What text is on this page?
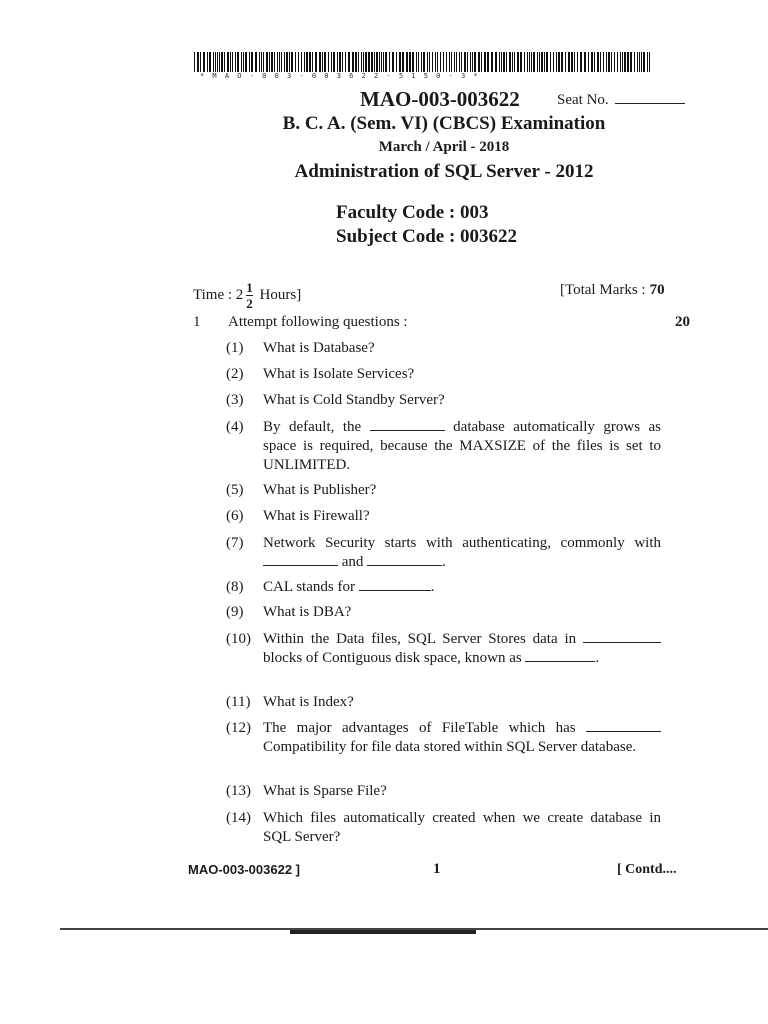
* M A O - 0 0 3 - 0 0 3 6 2 2 - 5 1 5 0 - 3 *
MAO-003-003622 Seat No.
B. C. A. (Sem. VI) (CBCS) Examination
March / April - 2018
Administration of SQL Server - 2012
Faculty Code : 003
Subject Code : 003622
Time : $2 \frac{1}{2}$ Hours]	[Total Marks : 70
1 Attempt following questions :	20
(1) What is Database?
(2) What is Isolate Services?
(3) What is Cold Standby Server?
(4) By default, the	database automatically grows as space is required, because the MAXSIZE of the files is set to UNLIMITED.
(5) What is Publisher?
(6) What is Firewall?
(7) Network Security starts with authenticating, commonly with  and	.
(8) CAL stands for	.
(9) What is DBA?
(10) Within the Data files, SQL Server Stores data in  blocks of Contiguous disk space, known as	.
(11) What is Index?
(12) The major advantages of FileTable which has  Compatibility for file data stored within SQL Server database.
(13) What is Sparse File?
(14) Which files automatically created when we create database in SQL Server?
MAO-003-003622 ]	1	[ Contd....
